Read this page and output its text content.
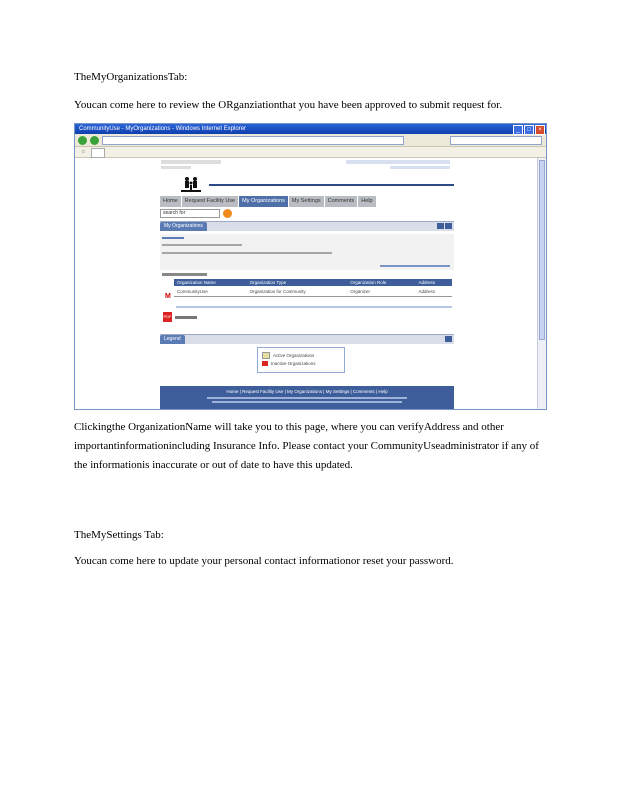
TheMyOrganizationsTab:

Youcan come here to review the ORganziationthat you have been approved to submit request for.

CommunityUse - MyOrganizations - Windows Internet Explorer	_	□	×
☆
Home	Request Facility Use	My Organizations	My Settings	Comments	Help
search for
My Organizations
Organization Name	Organization Type	Organization Role	Address
CommunityUse	Organization for Community	Organizer	Address
M
PDF
Legend
Active Organizations
Inactive Organizations
Home | Request Facility Use | My Organizations | My Settings | Comments | Help

Clickingthe OrganizationName will take you to this page, where you can verifyAddress and other importantinformationincluding Insurance Info. Please contact your CommunityUseadministrator if any of the informationis inaccurate or out of date to have this updated.

TheMySettings Tab:

Youcan come here to update your personal contact informationor reset your password.
